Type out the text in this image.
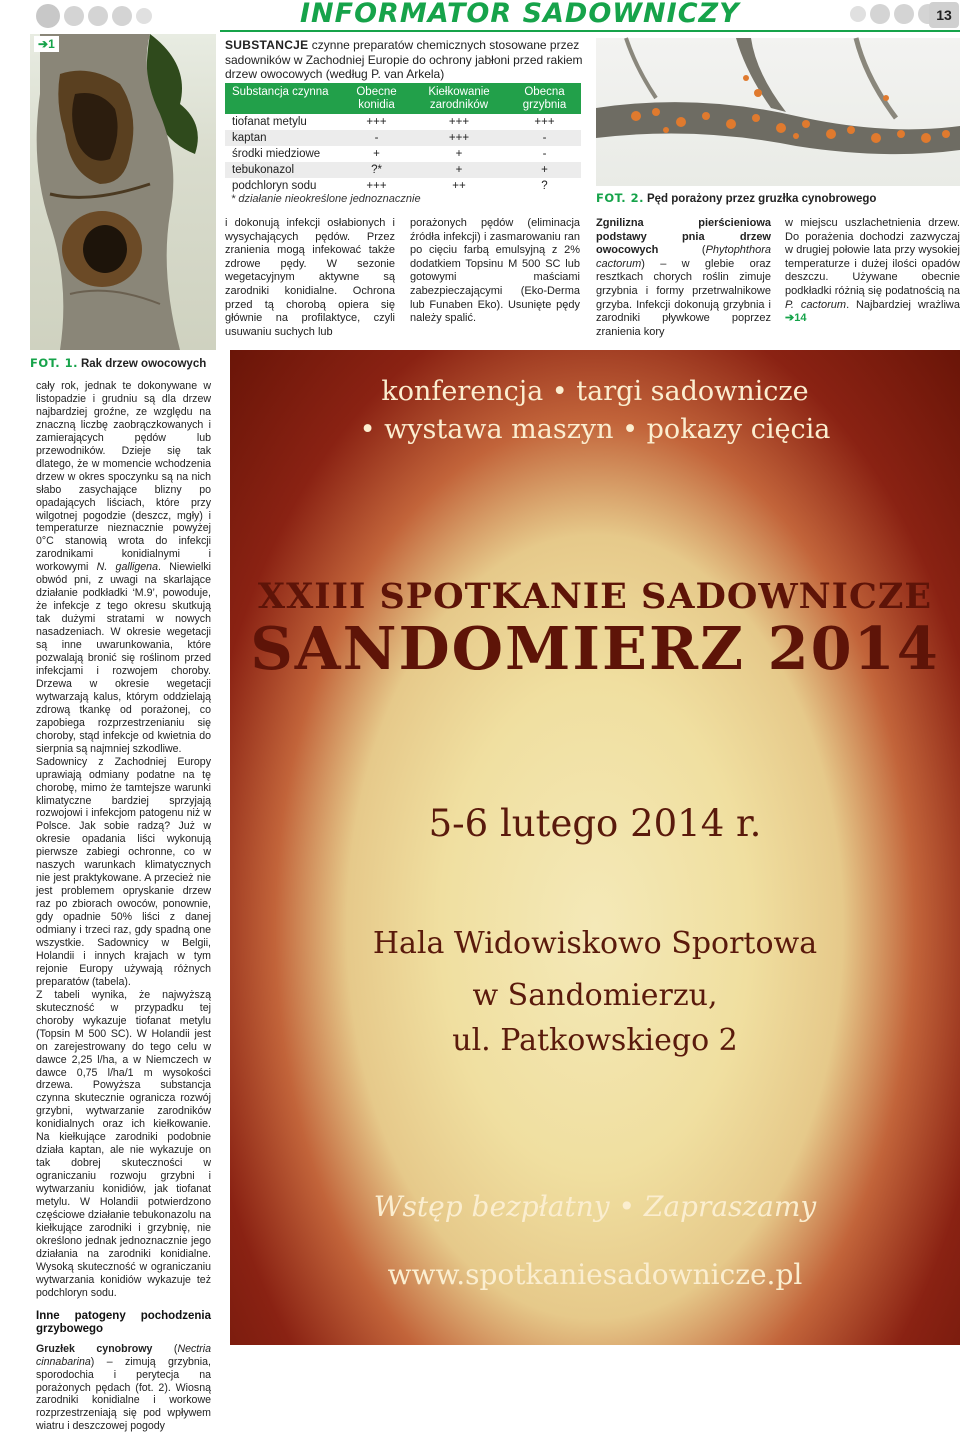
INFORMATOR SADOWNICZY	13
➔1	SUBSTANCJE czynne preparatów chemicznych stosowane przez sadowników w Zachodniej Europie do ochrony jabłoni przed rakiem drzew owocowych (według P. van Arkela)
Substancja czynna	Obecne konidia	Kiełkowanie zarodników	Obecna grzybnia
tiofanat metylu	+++	+++	+++
kaptan	-	+++	-
środki miedziowe	+	+	-
tebukonazol	?*	+	+
podchloryn sodu	+++	++	?
* działanie nieokreślone jednoznacznie	FOT. 2. Pęd porażony przez gruzłka cynobrowego
i dokonują infekcji osłabionych i wysychających pędów. Przez zranienia mogą infekować także zdrowe pędy. W sezonie wegetacyjnym aktywne są zarodniki konidialne. Ochrona przed tą chorobą opiera się głównie na profilaktyce, czyli usuwaniu suchych lub
porażonych pędów (eliminacja źródła infekcji) i zasmarowaniu ran po cięciu farbą emulsyjną z 2% dodatkiem Topsinu M 500 SC lub gotowymi maściami zabezpieczającymi (Eko-Derma lub Funaben Eko). Usunięte pędy należy spalić.
Zgnilizna pierścieniowa podstawy pnia drzew owocowych (Phytophthora cactorum) – w glebie oraz resztkach chorych roślin zimuje grzybnia i formy przetrwalnikowe grzyba. Infekcji dokonują grzybnia i zarodniki pływkowe poprzez zranienia kory
w miejscu uszlachetnienia drzew. Do porażenia dochodzi zazwyczaj w drugiej połowie lata przy wysokiej temperaturze i dużej ilości opadów deszczu. Używane obecnie podkładki różnią się podatnością na P. cactorum. Najbardziej wrażliwa ➔14
FOT. 1. Rak drzew owocowych

cały rok, jednak te dokonywane w listopadzie i grudniu są dla drzew najbardziej groźne, ze względu na znaczną liczbę zaobrączkowanych i zamierających pędów lub przewodników. Dzieje się tak dlatego, że w momencie wchodzenia drzew w okres spoczynku są na nich słabo zasychające blizny po opadających liściach, które przy wilgotnej pogodzie (deszcz, mgły) i temperaturze nieznacznie powyżej 0°C stanowią wrota do infekcji zarodnikami konidialnymi i workowymi N. galligena. Niewielki obwód pni, z uwagi na skarlające działanie podkładki ‘M.9’, powoduje, że infekcje z tego okresu skutkują tak dużymi stratami w nowych nasadzeniach. W okresie wegetacji są inne uwarunkowania, które pozwalają bronić się roślinom przed infekcjami i rozwojem choroby. Drzewa w okresie wegetacji wytwarzają kalus, którym oddzielają zdrową tkankę od porażonej, co zapobiega rozprzestrzenianiu się choroby, stąd infekcje od kwietnia do sierpnia są najmniej szkodliwe.

Sadownicy z Zachodniej Europy uprawiają odmiany podatne na tę chorobę, mimo że tamtejsze warunki klimatyczne bardziej sprzyjają rozwojowi i infekcjom patogenu niż w Polsce. Jak sobie radzą? Już w okresie opadania liści wykonują pierwsze zabiegi ochronne, co w naszych warunkach klimatycznych nie jest praktykowane. A przecież nie jest problemem opryskanie drzew raz po zbiorach owoców, ponownie, gdy opadnie 50% liści z danej odmiany i trzeci raz, gdy spadną one wszystkie. Sadownicy w Belgii, Holandii i innych krajach w tym rejonie Europy używają różnych preparatów (tabela).

Z tabeli wynika, że najwyższą skuteczność w przypadku tej choroby wykazuje tiofanat metylu (Topsin M 500 SC). W Holandii jest on zarejestrowany do tego celu w dawce 2,25 l/ha, a w Niemczech w dawce 0,75 l/ha/1 m wysokości drzewa. Powyższa substancja czynna skutecznie ogranicza rozwój grzybni, wytwarzanie zarodników konidialnych oraz ich kiełkowanie. Na kiełkujące zarodniki podobnie działa kaptan, ale nie wykazuje on tak dobrej skuteczności w ograniczaniu rozwoju grzybni i wytwarzaniu konidiów, jak tiofanat metylu. W Holandii potwierdzono częściowe działanie tebukonazolu na kiełkujące zarodniki i grzybnię, nie określono jednak jednoznacznie jego działania na zarodniki konidialne. Wysoką skuteczność w ograniczaniu wytwarzania konidiów wykazuje też podchloryn sodu.

Inne patogeny pochodzenia grzybowego

Gruzłek cynobrowy (Nectria cinnabarina) – zimują grzybnia, sporodochia i perytecja na porażonych pędach (fot. 2). Wiosną zarodniki konidialne i workowe rozprzestrzeniają się pod wpływem wiatru i deszczowej pogody

konferencja • targi sadownicze
• wystawa maszyn • pokazy cięcia
XXIII SPOTKANIE SADOWNICZE
SANDOMIERZ 2014
5-6 lutego 2014 r.
Hala Widowiskowo Sportowa
w Sandomierzu,
ul. Patkowskiego 2
Wstęp bezpłatny • Zapraszamy
www.spotkaniesadownicze.pl
